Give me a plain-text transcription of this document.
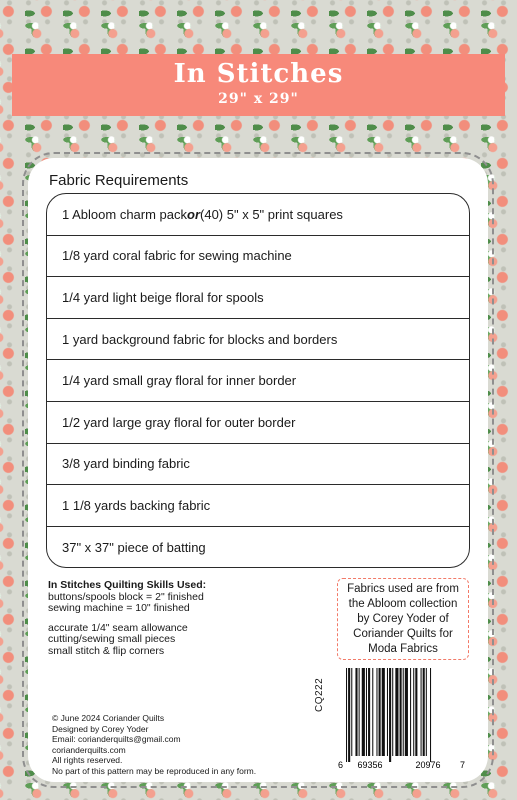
In Stitches
29" x 29"
Fabric Requirements
1 Abloom charm pack or (40) 5" x 5" print squares
1/8 yard coral fabric for sewing machine
1/4 yard light beige floral for spools
1 yard background fabric for blocks and borders
1/4 yard small gray floral for inner border
1/2 yard large gray floral for outer border
3/8 yard binding fabric
1 1/8 yards backing fabric
37" x 37" piece of batting
In Stitches Quilting Skills Used:
buttons/spools block = 2" finished
sewing machine = 10" finished
accurate 1/4" seam allowance
cutting/sewing small pieces
small stitch & flip corners
Fabrics used are from
the Abloom collection
by Corey Yoder of
Coriander Quilts for
Moda Fabrics
CQ222
6 69356	20976 7
© June 2024 Coriander Quilts
Designed by Corey Yoder
Email: corianderquilts@gmail.com
corianderquilts.com
All rights reserved.
No part of this pattern may be reproduced in any form.
